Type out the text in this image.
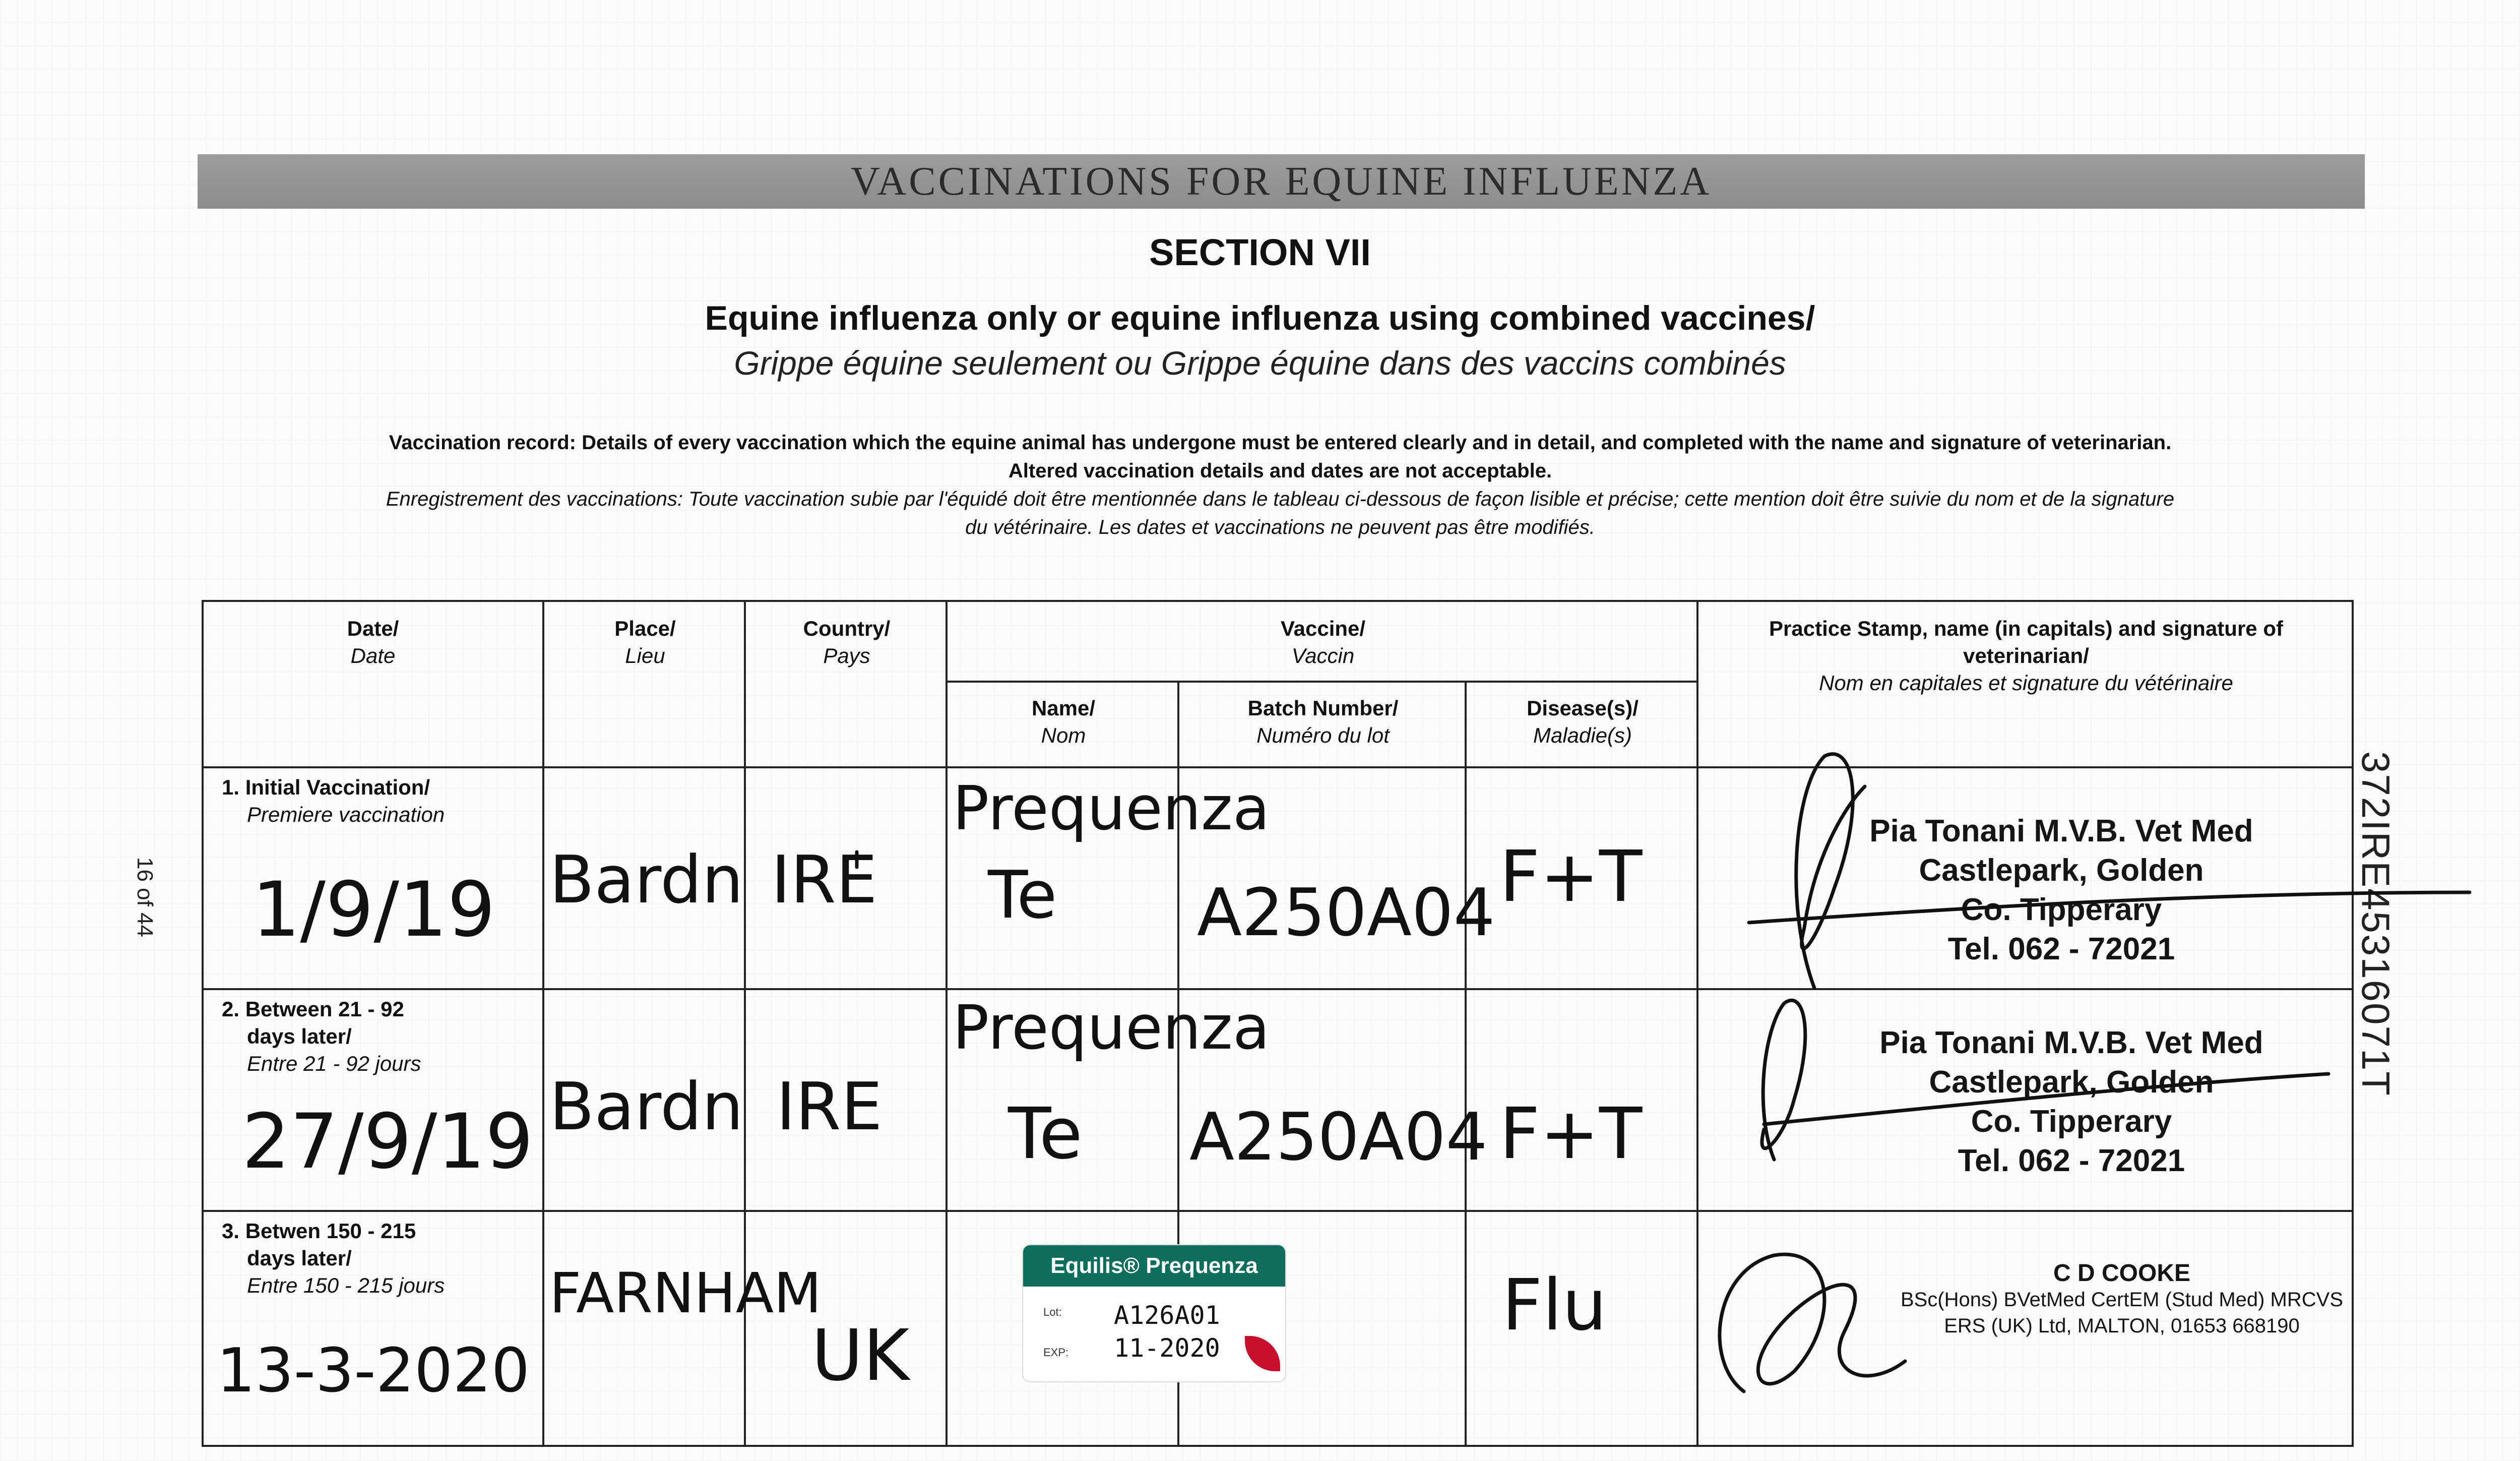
VACCINATIONS FOR EQUINE INFLUENZA
SECTION VII
Equine influenza only or equine influenza using combined vaccines/
Grippe équine seulement ou Grippe équine dans des vaccins combinés
Vaccination record: Details of every vaccination which the equine animal has undergone must be entered clearly and in detail, and completed with the name and signature of veterinarian.
Altered vaccination details and dates are not acceptable.
Enregistrement des vaccinations: Toute vaccination subie par l'équidé doit être mentionnée dans le tableau ci-dessous de façon lisible et précise; cette mention doit être suivie du nom et de la signature
du vétérinaire. Les dates et vaccinations ne peuvent pas être modifiés.
Date/
Date
Place/
Lieu
Country/
Pays
Vaccine/
Vaccin
Name/
Nom
Batch Number/
Numéro du lot
Disease(s)/
Maladie(s)
Practice Stamp, name (in capitals) and signature of
veterinarian/
Nom en capitales et signature du vétérinaire
1. Initial Vaccination/
Premiere vaccination
1/9/19 Bardn IRE
Prequenza
Te A250A04 F+T
Pia Tonani M.V.B. Vet Med
Castlepark, Golden
Co. Tipperary
Tel. 062 - 72021
2. Between 21 - 92
days later/
Entre 21 - 92 jours
27/9/19 Bardn IRE
Prequenza
Te A250A04 F+T
Pia Tonani M.V.B. Vet Med
Castlepark, Golden
Co. Tipperary
Tel. 062 - 72021
3. Betwen 150 - 215
days later/
Entre 150 - 215 jours
13-3-2020
FARNHAM
UK
Flu	C D COOKE
BSc(Hons) BVetMed CertEM (Stud Med) MRCVS
ERS (UK) Ltd, MALTON, 01653 668190
Equilis® Prequenza
Lot: A126A01
EXP: 11-2020
372IRE45316071T
16 of 44
